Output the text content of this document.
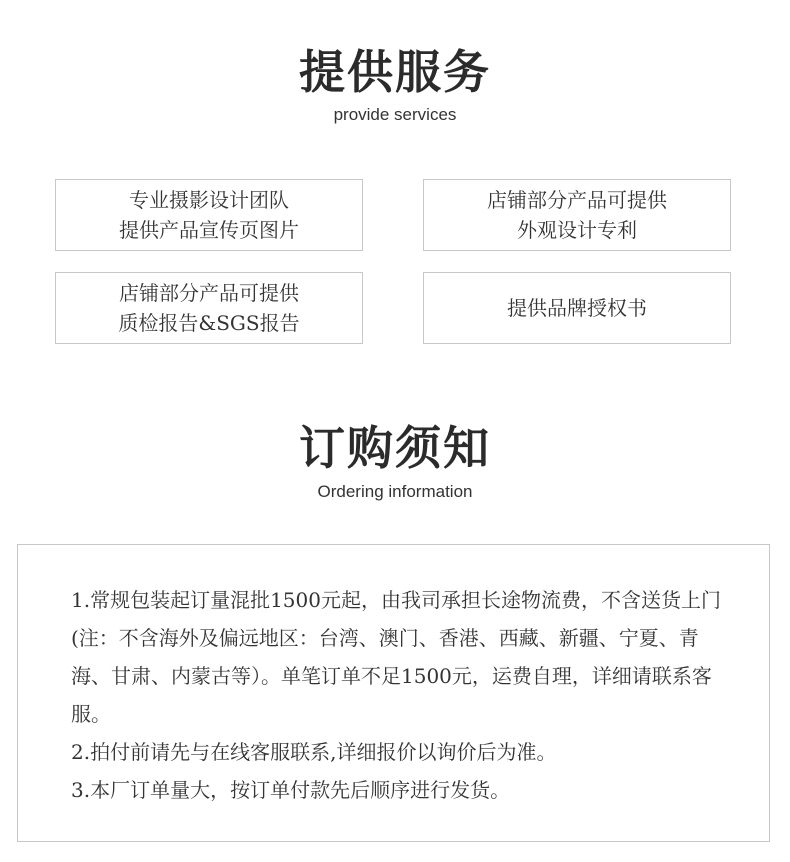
提供服务
provide services
专业摄影设计团队
提供产品宣传页图片
店铺部分产品可提供
外观设计专利
店铺部分产品可提供
质检报告&SGS报告
提供品牌授权书
订购须知
Ordering information

1.常规包装起订量混批1500元起，由我司承担长途物流费，不含送货上门(注：不含海外及偏远地区：台湾、澳门、香港、西藏、新疆、宁夏、青海、甘肃、内蒙古等）。单笔订单不足1500元，运费自理，详细请联系客服。

2.拍付前请先与在线客服联系,详细报价以询价后为准。

3.本厂订单量大，按订单付款先后顺序进行发货。
